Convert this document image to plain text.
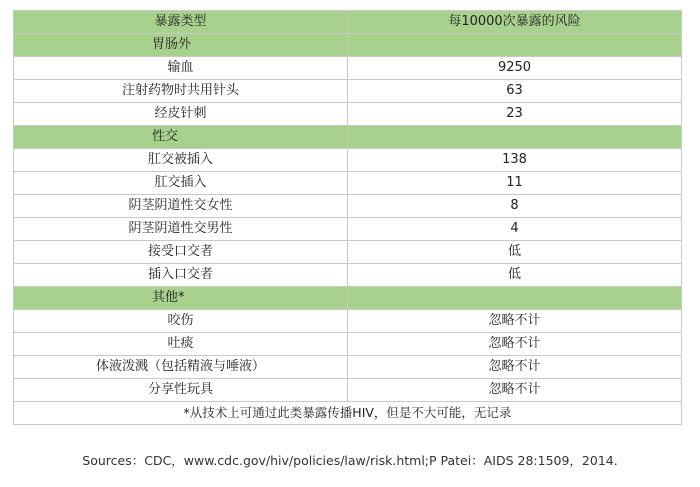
暴露类型	每10000次暴露的风险
胃肠外	
输血	9250
注射药物时共用针头	63
经皮针刺	23
性交	
肛交被插入	138
肛交插入	11
阴茎阴道性交女性	8
阴茎阴道性交男性	4
接受口交者	低
插入口交者	低
其他*	
咬伤	忽略不计
吐痰	忽略不计
体液泼溅（包括精液与唾液）	忽略不计
分享性玩具	忽略不计
*从技术上可通过此类暴露传播HIV，但是不大可能，无记录	
Sources：CDC，www.cdc.gov/hiv/policies/law/risk.html;P Patei：AIDS 28:1509，2014.
